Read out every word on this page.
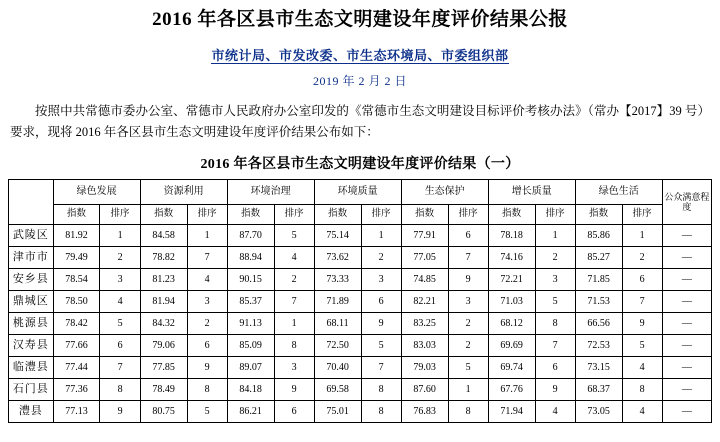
2016 年各区县市生态文明建设年度评价结果公报
市统计局、市发改委、市生态环境局、市委组织部
2019 年 2 月 2 日
按照中共常德市委办公室、常德市人民政府办公室印发的《常德市生态文明建设目标评价考核办法》（常办【2017】39 号）要求，现将 2016 年各区县市生态文明建设年度评价结果公布如下：
2016 年各区县市生态文明建设年度评价结果（一）

	绿色发展		资源利用		环境治理		环境质量		生态保护		增长质量		绿色生活		公众满意程度

	指数	排序	指数	排序	指数	排序	指数	排序	指数	排序	指数	排序	指数	排序	
武陵区	81.92	1	84.58	1	87.70	5	75.14	1	77.91	6	78.18	1	85.86	1	—
津市市	79.49	2	78.82	7	88.94	4	73.62	2	77.05	7	74.16	2	85.27	2	—
安乡县	78.54	3	81.23	4	90.15	2	73.33	3	74.85	9	72.21	3	71.85	6	—
鼎城区	78.50	4	81.94	3	85.37	7	71.89	6	82.21	3	71.03	5	71.53	7	—
桃源县	78.42	5	84.32	2	91.13	1	68.11	9	83.25	2	68.12	8	66.56	9	—
汉寿县	77.66	6	79.06	6	85.09	8	72.50	5	83.03	2	69.69	7	72.53	5	—
临澧县	77.44	7	77.85	9	89.07	3	70.40	7	79.03	5	69.74	6	73.15	4	—
石门县	77.36	8	78.49	8	84.18	9	69.58	8	87.60	1	67.76	9	68.37	8	—
澧县	77.13	9	80.75	5	86.21	6	75.01	8	76.83	8	71.94	4	73.05	4	—
